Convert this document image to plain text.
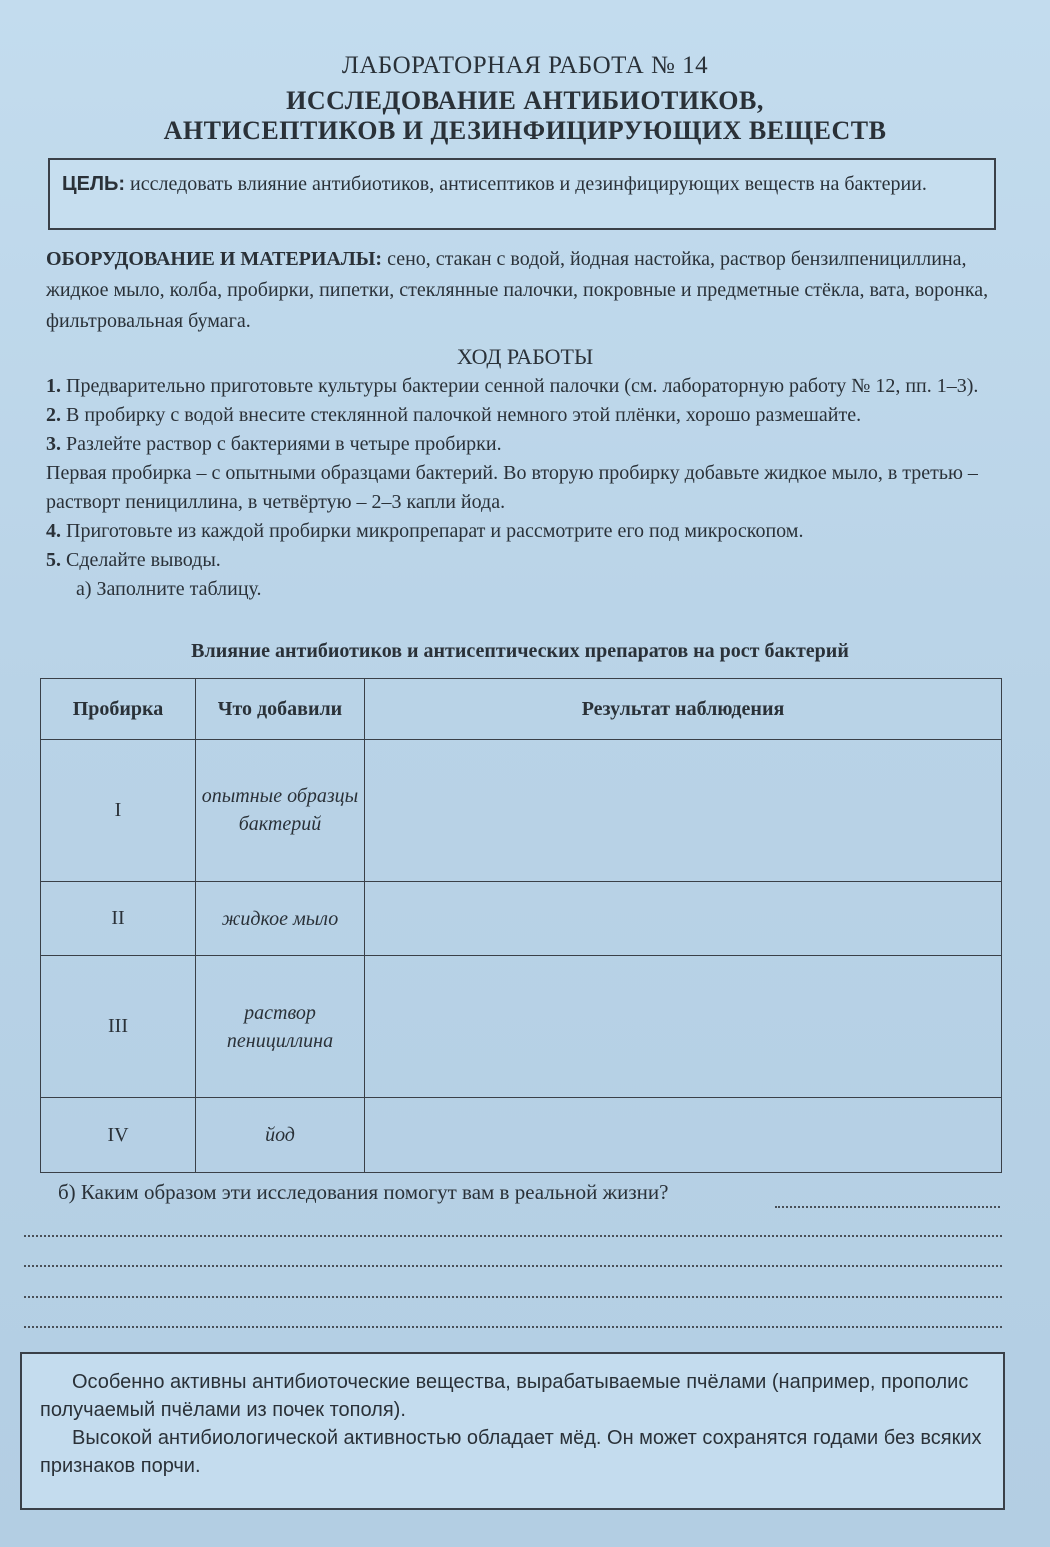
ЛАБОРАТОРНАЯ РАБОТА № 14
ИССЛЕДОВАНИЕ АНТИБИОТИКОВ,
АНТИСЕПТИКОВ И ДЕЗИНФИЦИРУЮЩИХ ВЕЩЕСТВ
ЦЕЛЬ: исследовать влияние антибиотиков, антисептиков и дезинфицирующих веществ на бактерии.
ОБОРУДОВАНИЕ И МАТЕРИАЛЫ: сено, стакан с водой, йодная настойка, раствор бензилпенициллина, жидкое мыло, колба, пробирки, пипетки, стеклянные палочки, покровные и предметные стёкла, вата, воронка, фильтровальная бумага.
ХОД РАБОТЫ

1. Предварительно приготовьте культуры бактерии сенной палочки (см. лабораторную работу № 12, пп. 1–3).

2. В пробирку с водой внесите стеклянной палочкой немного этой плёнки, хорошо размешайте.

3. Разлейте раствор с бактериями в четыре пробирки.

Первая пробирка – с опытными образцами бактерий. Во вторую пробирку добавьте жидкое мыло, в третью – растворт пенициллина, в четвёртую – 2–3 капли йода.

4. Приготовьте из каждой пробирки микропрепарат и рассмотрите его под микроскопом.

5. Сделайте выводы.

а) Заполните таблицу.

Влияние антибиотиков и антисептических препаратов на рост бактерий
Пробирка	Что добавили	Результат наблюдения
I	опытные образцы бактерий	
II	жидкое мыло	
III	раствор пенициллина	
IV	йод	
б) Каким образом эти исследования помогут вам в реальной жизни?

Особенно активны антибиоточеские вещества, вырабатываемые пчёлами (например, прополис получаемый пчёлами из почек тополя).

Высокой антибиологической активностью обладает мёд. Он может сохранятся годами без всяких признаков порчи.
